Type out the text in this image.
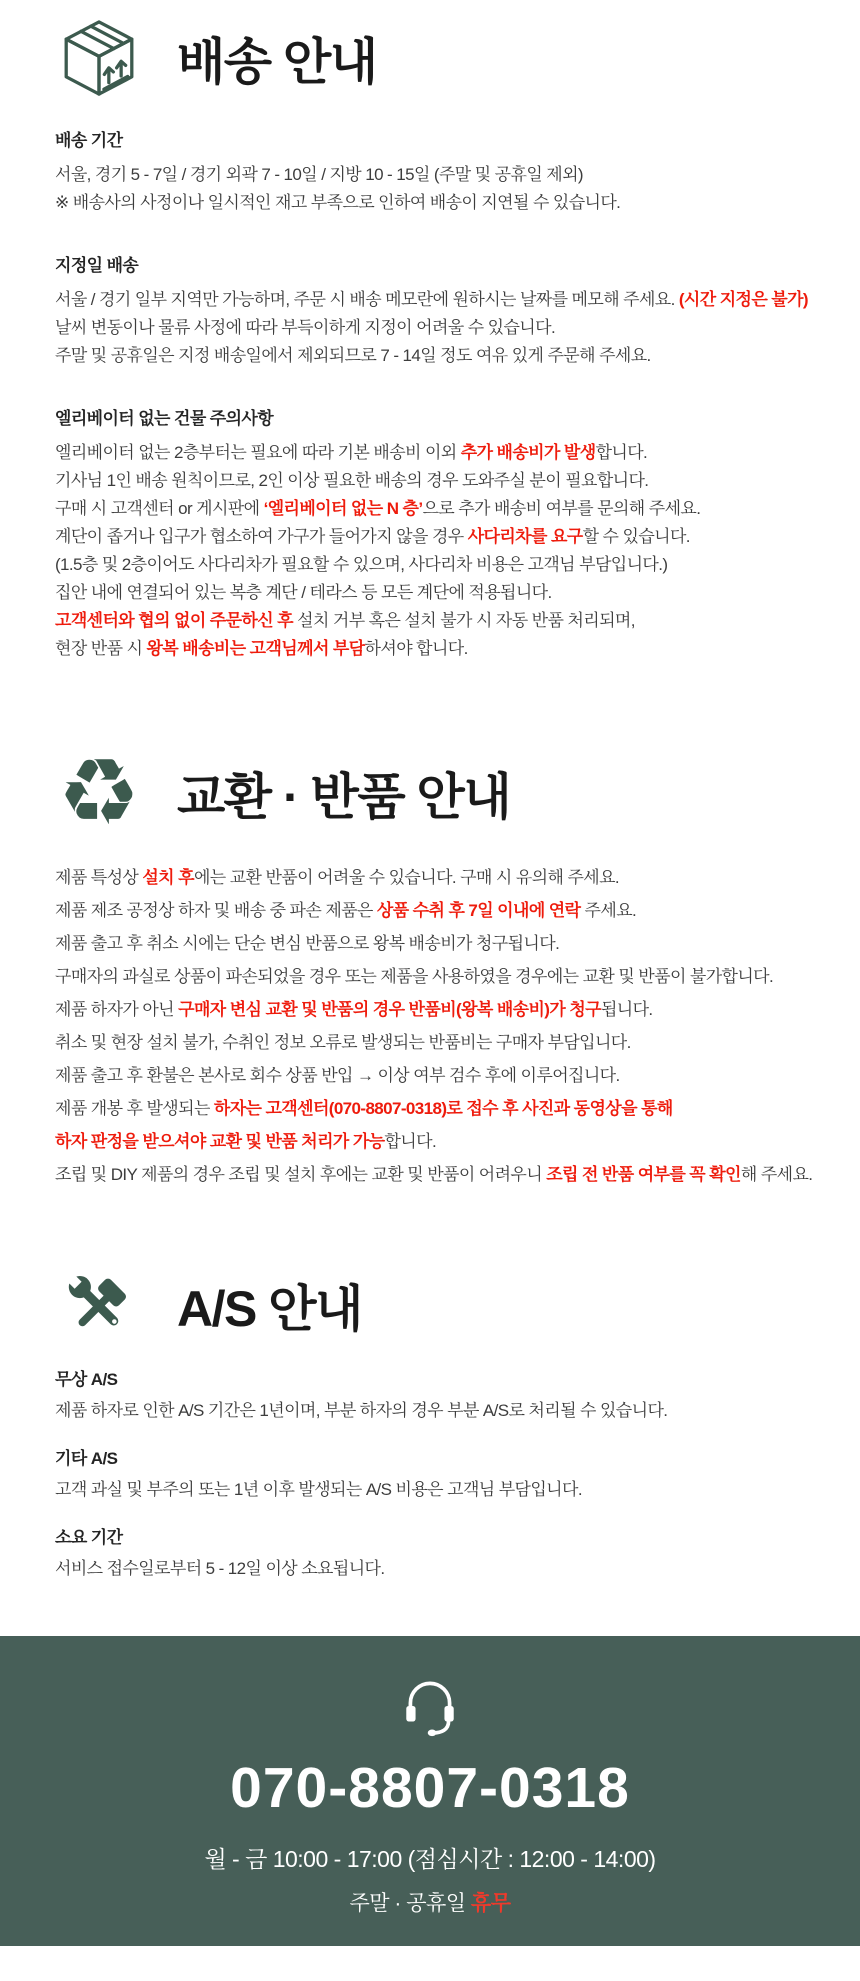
배송 안내
배송 기간

서울, 경기 5 - 7일 / 경기 외곽 7 - 10일 / 지방 10 - 15일 (주말 및 공휴일 제외)

※ 배송사의 사정이나 일시적인 재고 부족으로 인하여 배송이 지연될 수 있습니다.

지정일 배송

서울 / 경기 일부 지역만 가능하며, 주문 시 배송 메모란에 원하시는 날짜를 메모해 주세요. (시간 지정은 불가)

날씨 변동이나 물류 사정에 따라 부득이하게 지정이 어려울 수 있습니다.

주말 및 공휴일은 지정 배송일에서 제외되므로 7 - 14일 정도 여유 있게 주문해 주세요.

엘리베이터 없는 건물 주의사항

엘리베이터 없는 2층부터는 필요에 따라 기본 배송비 이외 추가 배송비가 발생합니다.

기사님 1인 배송 원칙이므로, 2인 이상 필요한 배송의 경우 도와주실 분이 필요합니다.

구매 시 고객센터 or 게시판에 ‘엘리베이터 없는 N 층’으로 추가 배송비 여부를 문의해 주세요.

계단이 좁거나 입구가 협소하여 가구가 들어가지 않을 경우 사다리차를 요구할 수 있습니다.

(1.5층 및 2층이어도 사다리차가 필요할 수 있으며, 사다리차 비용은 고객님 부담입니다.)

집안 내에 연결되어 있는 복층 계단 / 테라스 등 모든 계단에 적용됩니다.

고객센터와 협의 없이 주문하신 후 설치 거부 혹은 설치 불가 시 자동 반품 처리되며,

현장 반품 시 왕복 배송비는 고객님께서 부담하셔야 합니다.

♻︎ 교환 · 반품 안내

제품 특성상 설치 후에는 교환 반품이 어려울 수 있습니다. 구매 시 유의해 주세요.

제품 제조 공정상 하자 및 배송 중 파손 제품은 상품 수취 후 7일 이내에 연락 주세요.

제품 출고 후 취소 시에는 단순 변심 반품으로 왕복 배송비가 청구됩니다.

구매자의 과실로 상품이 파손되었을 경우 또는 제품을 사용하였을 경우에는 교환 및 반품이 불가합니다.

제품 하자가 아닌 구매자 변심 교환 및 반품의 경우 반품비(왕복 배송비)가 청구됩니다.

취소 및 현장 설치 불가, 수취인 정보 오류로 발생되는 반품비는 구매자 부담입니다.

제품 출고 후 환불은 본사로 회수 상품 반입 → 이상 여부 검수 후에 이루어집니다.

제품 개봉 후 발생되는 하자는 고객센터(070-8807-0318)로 접수 후 사진과 동영상을 통해

하자 판정을 받으셔야 교환 및 반품 처리가 가능합니다.

조립 및 DIY 제품의 경우 조립 및 설치 후에는 교환 및 반품이 어려우니 조립 전 반품 여부를 꼭 확인해 주세요.

A/S 안내
무상 A/S

제품 하자로 인한 A/S 기간은 1년이며, 부분 하자의 경우 부분 A/S로 처리될 수 있습니다.

기타 A/S

고객 과실 및 부주의 또는 1년 이후 발생되는 A/S 비용은 고객님 부담입니다.

소요 기간

서비스 접수일로부터 5 - 12일 이상 소요됩니다.

070-8807-0318
월 - 금 10:00 - 17:00 (점심시간 : 12:00 - 14:00)
주말 · 공휴일 휴무
